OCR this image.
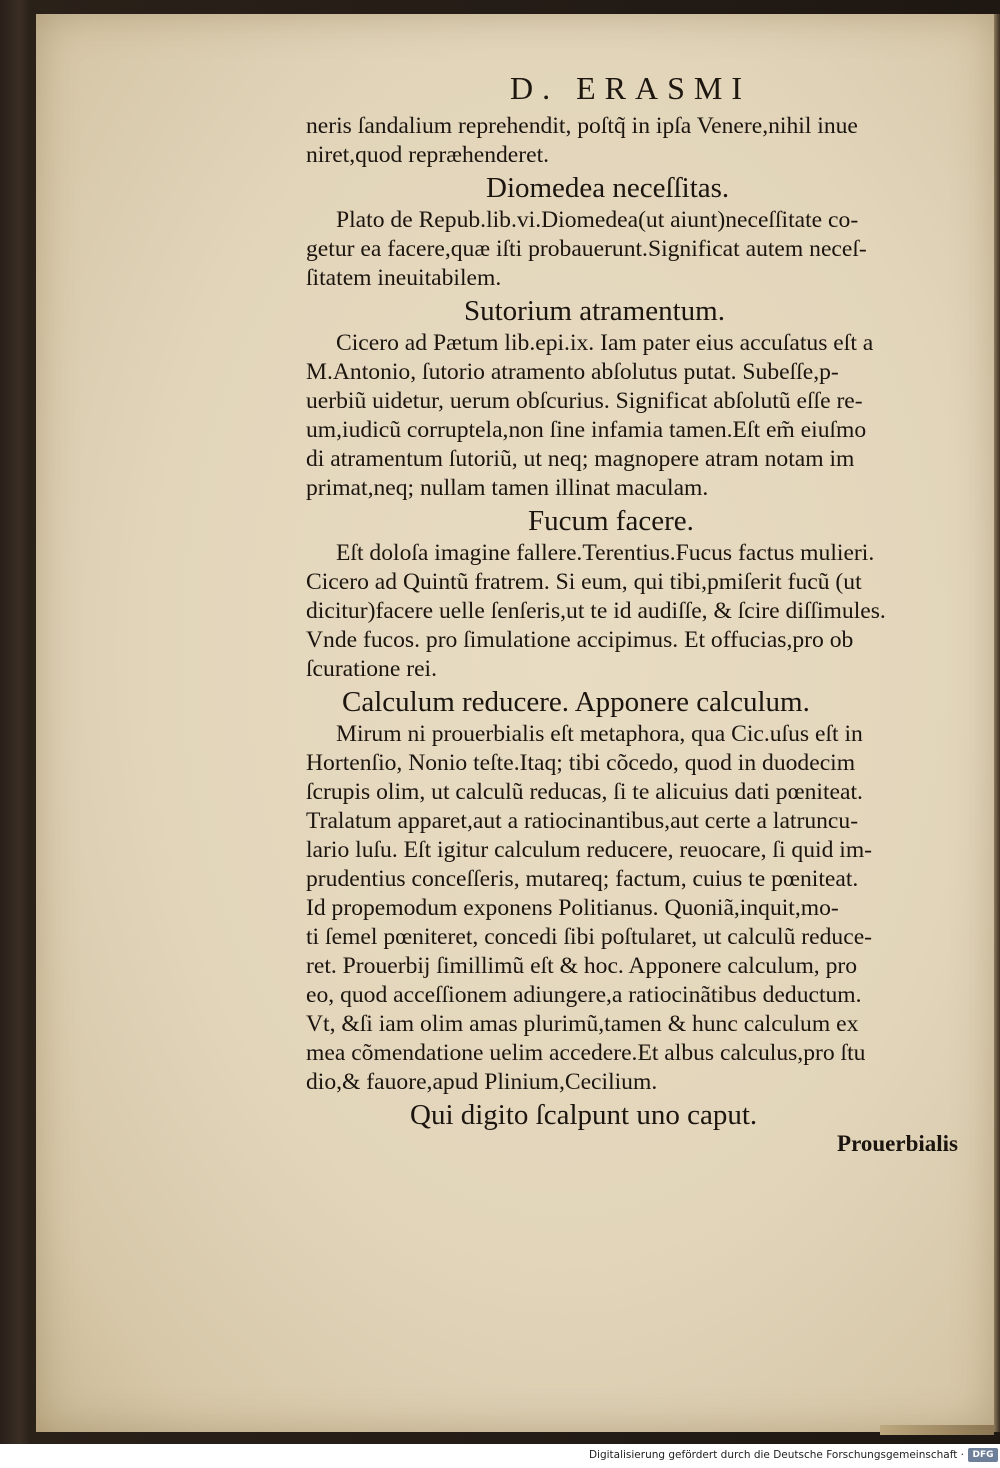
D. ERASMI
neris ſandalium reprehendit, poſtq̃ in ipſa Venere,nihil inue
niret,quod repræhenderet.
Diomedea neceſſitas.
Plato de Repub.lib.vi.Diomedea(ut aiunt)neceſſitate co-
getur ea facere,quæ iſti probauerunt.Significat autem neceſ-
ſitatem ineuitabilem.
Sutorium atramentum.
Cicero ad Pætum lib.epi.ix. Iam pater eius accuſatus eſt a
M.Antonio, ſutorio atramento abſolutus putat. Subeſſe,p-
uerbiũ uidetur, uerum obſcurius. Significat abſolutũ eſſe re-
um,iudicũ corruptela,non ſine infamia tamen.Eſt em̃ eiuſmo
di atramentum ſutoriũ, ut neq; magnopere atram notam im
primat,neq; nullam tamen illinat maculam.
Fucum facere.
Eſt doloſa imagine fallere.Terentius.Fucus factus mulieri.
Cicero ad Quintũ fratrem. Si eum, qui tibi,pmiſerit fucũ (ut
dicitur)facere uelle ſenſeris,ut te id audiſſe, & ſcire diſſimules.
Vnde fucos. pro ſimulatione accipimus. Et offucias,pro ob
ſcuratione rei.
Calculum reducere. Apponere calculum.
Mirum ni prouerbialis eſt metaphora, qua Cic.uſus eſt in
Hortenſio, Nonio teſte.Itaq; tibi cõcedo, quod in duodecim
ſcrupis olim, ut calculũ reducas, ſi te alicuius dati pœniteat.
Tralatum apparet,aut a ratiocinantibus,aut certe a latruncu-
lario luſu. Eſt igitur calculum reducere, reuocare, ſi quid im-
prudentius conceſſeris, mutareq; factum, cuius te pœniteat.
Id propemodum exponens Politianus. Quoniã,inquit,mo-
ti ſemel pœniteret, concedi ſibi poſtularet, ut calculũ reduce-
ret. Prouerbij ſimillimũ eſt & hoc. Apponere calculum, pro
eo, quod acceſſionem adiungere,a ratiocinãtibus deductum.
Vt, &ſi iam olim amas plurimũ,tamen & hunc calculum ex
mea cõmendatione uelim accedere.Et albus calculus,pro ſtu
dio,& fauore,apud Plinium,Cecilium.
Qui digito ſcalpunt uno caput.
Prouerbialis
Digitalisierung gefördert durch die Deutsche Forschungsgemeinschaft · DFG
